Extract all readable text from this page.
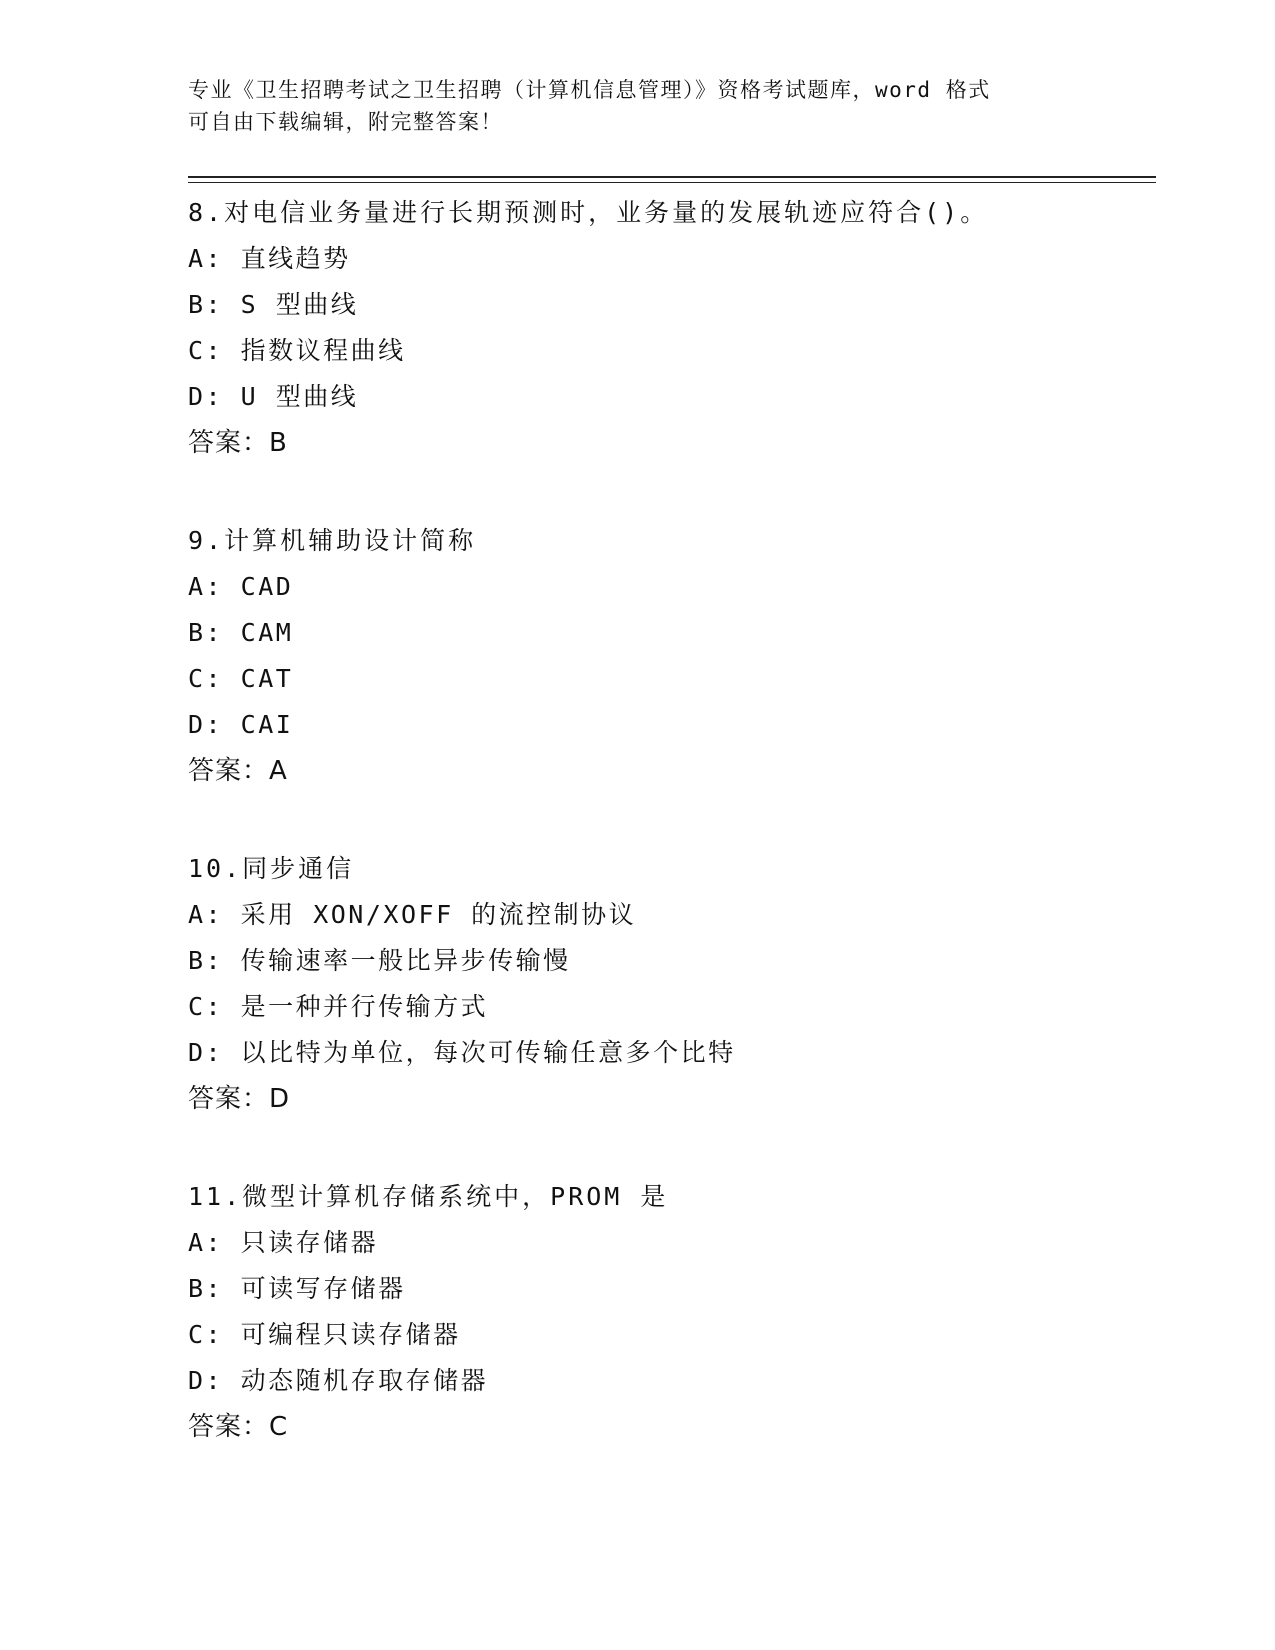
专业《卫生招聘考试之卫生招聘（计算机信息管理）》资格考试题库，word 格式
可自由下载编辑，附完整答案！
8.对电信业务量进行长期预测时，业务量的发展轨迹应符合()。
A: 直线趋势
B: S 型曲线
C: 指数议程曲线
D: U 型曲线
答案：B
9.计算机辅助设计简称
A: CAD
B: CAM
C: CAT
D: CAI
答案：A
10.同步通信
A: 采用 XON/XOFF 的流控制协议
B: 传输速率一般比异步传输慢
C: 是一种并行传输方式
D: 以比特为单位，每次可传输任意多个比特
答案：D
11.微型计算机存储系统中，PROM 是
A: 只读存储器
B: 可读写存储器
C: 可编程只读存储器
D: 动态随机存取存储器
答案：C
